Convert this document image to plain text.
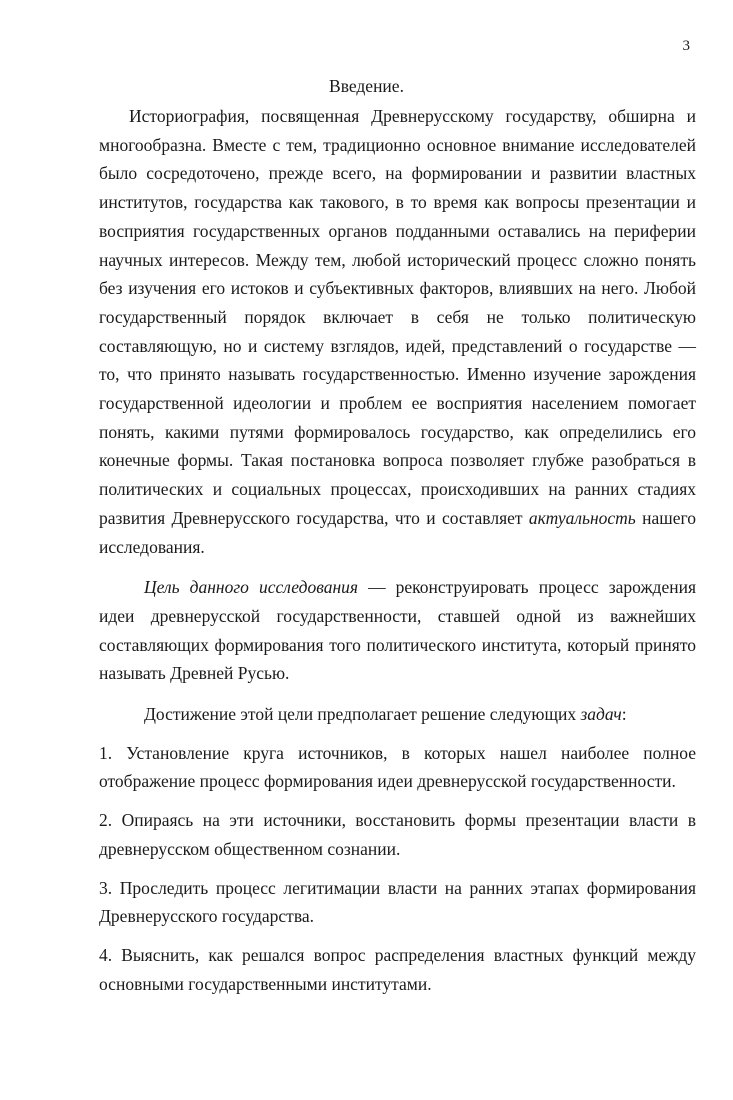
3
Введение.

Историография, посвященная Древнерусскому государству, обширна и многообразна. Вместе с тем, традиционно основное внимание исследователей было сосредоточено, прежде всего, на формировании и развитии властных институтов, государства как такового, в то время как вопросы презентации и восприятия государственных органов подданными оставались на периферии научных интересов. Между тем, любой исторический процесс сложно понять без изучения его истоков и субъективных факторов, влиявших на него. Любой государственный порядок включает в себя не только политическую составляющую, но и систему взглядов, идей, представлений о государстве — то, что принято называть государственностью. Именно изучение зарождения государственной идеологии и проблем ее восприятия населением помогает понять, какими путями формировалось государство, как определились его конечные формы. Такая постановка вопроса позволяет глубже разобраться в политических и социальных процессах, происходивших на ранних стадиях развития Древнерусского государства, что и составляет актуальность нашего исследования.

Цель данного исследования — реконструировать процесс зарождения идеи древнерусской государственности, ставшей одной из важнейших составляющих формирования того политического института, который принято называть Древней Русью.

Достижение этой цели предполагает решение следующих задач:

1. Установление круга источников, в которых нашел наиболее полное отображение процесс формирования идеи древнерусской государственности.

2. Опираясь на эти источники, восстановить формы презентации власти в древнерусском общественном сознании.

3. Проследить процесс легитимации власти на ранних этапах формирования Древнерусского государства.

4. Выяснить, как решался вопрос распределения властных функций между основными государственными институтами.
